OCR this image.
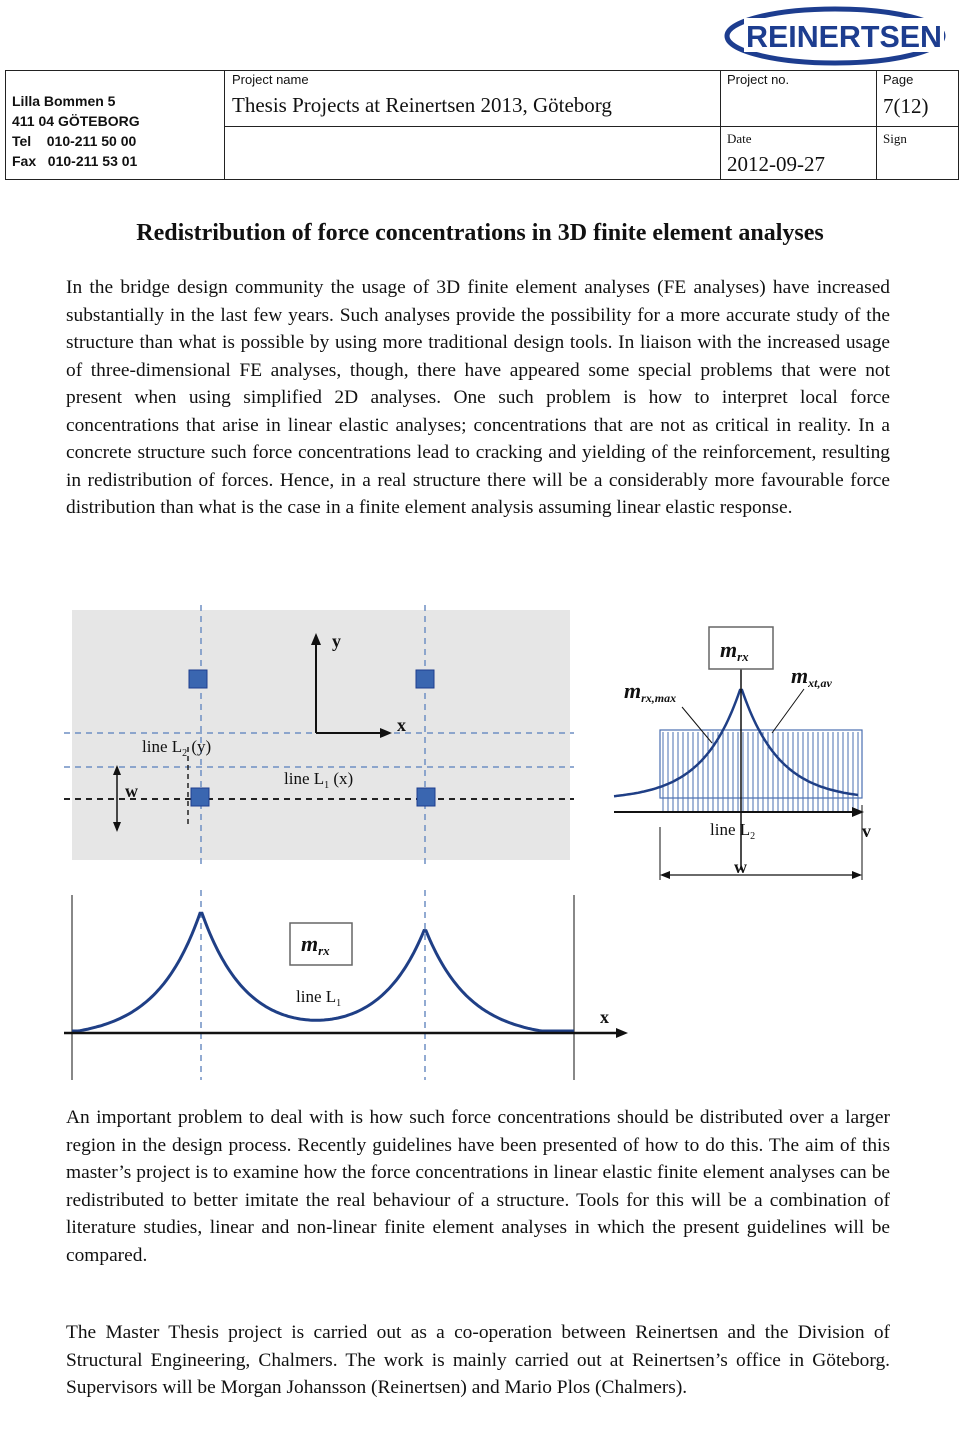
REINERTSEN
Lilla Bommen 5
411 04 GÖTEBORG
Tel    010-211 50 00
Fax   010-211 53 01
Project name
Thesis Projects at Reinertsen 2013, Göteborg
Project no.	Page
7(12)
Date
2012-09-27
Sign
Redistribution of force concentrations in 3D finite element analyses
In the bridge design community the usage of 3D finite element analyses (FE analyses) have increased substantially in the last few years. Such analyses provide the possibility for a more accurate study of the structure than what is possible by using more traditional design tools. In liaison with the increased usage of three-dimensional FE analyses, though, there have appeared some special problems that were not present when using simplified 2D analyses. One such problem is how to interpret local force concentrations that arise in linear elastic analyses; concentrations that are not as critical in reality. In a concrete structure such force concentrations lead to cracking and yielding of the reinforcement, resulting in redistribution of forces. Hence, in a real structure there will be a considerably more favourable force distribution than what is the case in a finite element analysis assuming linear elastic response.
y
x
line $L_2$ (y)
line $L_1$ (x)
w
w
line $L_2$	v
mrx
mrx,max
mxt,av
x
mrx
line $L_1$
An important problem to deal with is how such force concentrations should be distributed over a larger region in the design process. Recently guidelines have been presented of how to do this. The aim of this master’s project is to examine how the force concentrations in linear elastic finite element analyses can be redistributed to better imitate the real behaviour of a structure. Tools for this will be a combination of literature studies, linear and non-linear finite element analyses in which the present guidelines will be compared.
The Master Thesis project is carried out as a co-operation between Reinertsen and the Division of Structural Engineering, Chalmers. The work is mainly carried out at Reinertsen’s office in Göteborg. Supervisors will be Morgan Johansson (Reinertsen) and Mario Plos (Chalmers).
